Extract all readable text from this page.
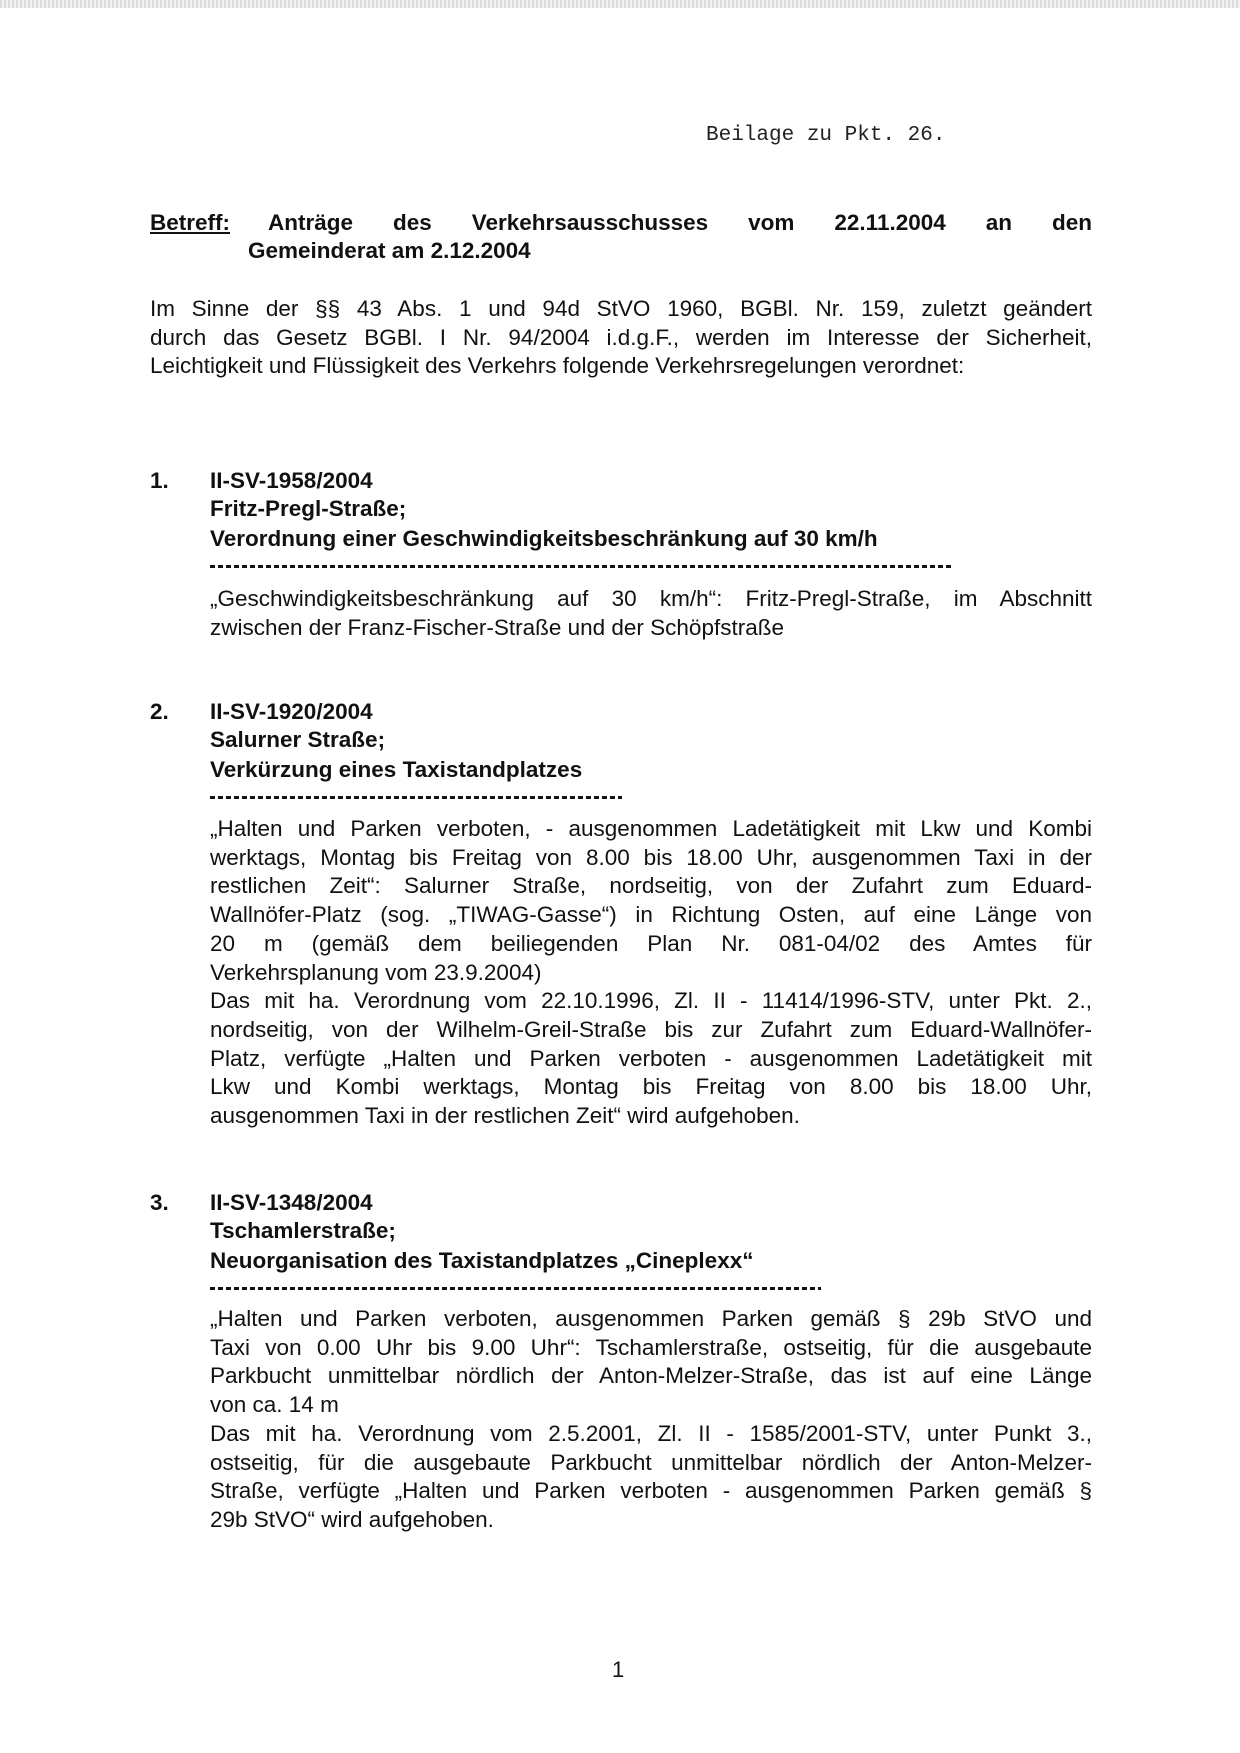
Beilage zu Pkt. 26.
Betreff: Anträge des Verkehrsausschusses vom 22.11.2004 an den
Gemeinderat am 2.12.2004
Im Sinne der §§ 43 Abs. 1 und 94d StVO 1960, BGBl. Nr. 159, zuletzt geändert
durch das Gesetz BGBl. I Nr. 94/2004 i.d.g.F., werden im Interesse der Sicherheit,
Leichtigkeit und Flüssigkeit des Verkehrs folgende Verkehrsregelungen verordnet:
1. II-SV-1958/2004
Fritz-Pregl-Straße;
Verordnung einer Geschwindigkeitsbeschränkung auf 30 km/h
„Geschwindigkeitsbeschränkung auf 30 km/h“: Fritz-Pregl-Straße, im Abschnitt
zwischen der Franz-Fischer-Straße und der Schöpfstraße
2. II-SV-1920/2004
Salurner Straße;
Verkürzung eines Taxistandplatzes
„Halten und Parken verboten, - ausgenommen Ladetätigkeit mit Lkw und Kombi
werktags, Montag bis Freitag von 8.00 bis 18.00 Uhr, ausgenommen Taxi in der
restlichen Zeit“: Salurner Straße, nordseitig, von der Zufahrt zum Eduard-
Wallnöfer-Platz (sog. „TIWAG-Gasse“) in Richtung Osten, auf eine Länge von
20 m (gemäß dem beiliegenden Plan Nr. 081-04/02 des Amtes für
Verkehrsplanung vom 23.9.2004)
Das mit ha. Verordnung vom 22.10.1996, Zl. II - 11414/1996-STV, unter Pkt. 2.,
nordseitig, von der Wilhelm-Greil-Straße bis zur Zufahrt zum Eduard-Wallnöfer-
Platz, verfügte „Halten und Parken verboten - ausgenommen Ladetätigkeit mit
Lkw und Kombi werktags, Montag bis Freitag von 8.00 bis 18.00 Uhr,
ausgenommen Taxi in der restlichen Zeit“ wird aufgehoben.
3. II-SV-1348/2004
Tschamlerstraße;
Neuorganisation des Taxistandplatzes „Cineplexx“
„Halten und Parken verboten, ausgenommen Parken gemäß § 29b StVO und
Taxi von 0.00 Uhr bis 9.00 Uhr“: Tschamlerstraße, ostseitig, für die ausgebaute
Parkbucht unmittelbar nördlich der Anton-Melzer-Straße, das ist auf eine Länge
von ca. 14 m
Das mit ha. Verordnung vom 2.5.2001, Zl. II - 1585/2001-STV, unter Punkt 3.,
ostseitig, für die ausgebaute Parkbucht unmittelbar nördlich der Anton-Melzer-
Straße, verfügte „Halten und Parken verboten - ausgenommen Parken gemäß §
29b StVO“ wird aufgehoben.
1
